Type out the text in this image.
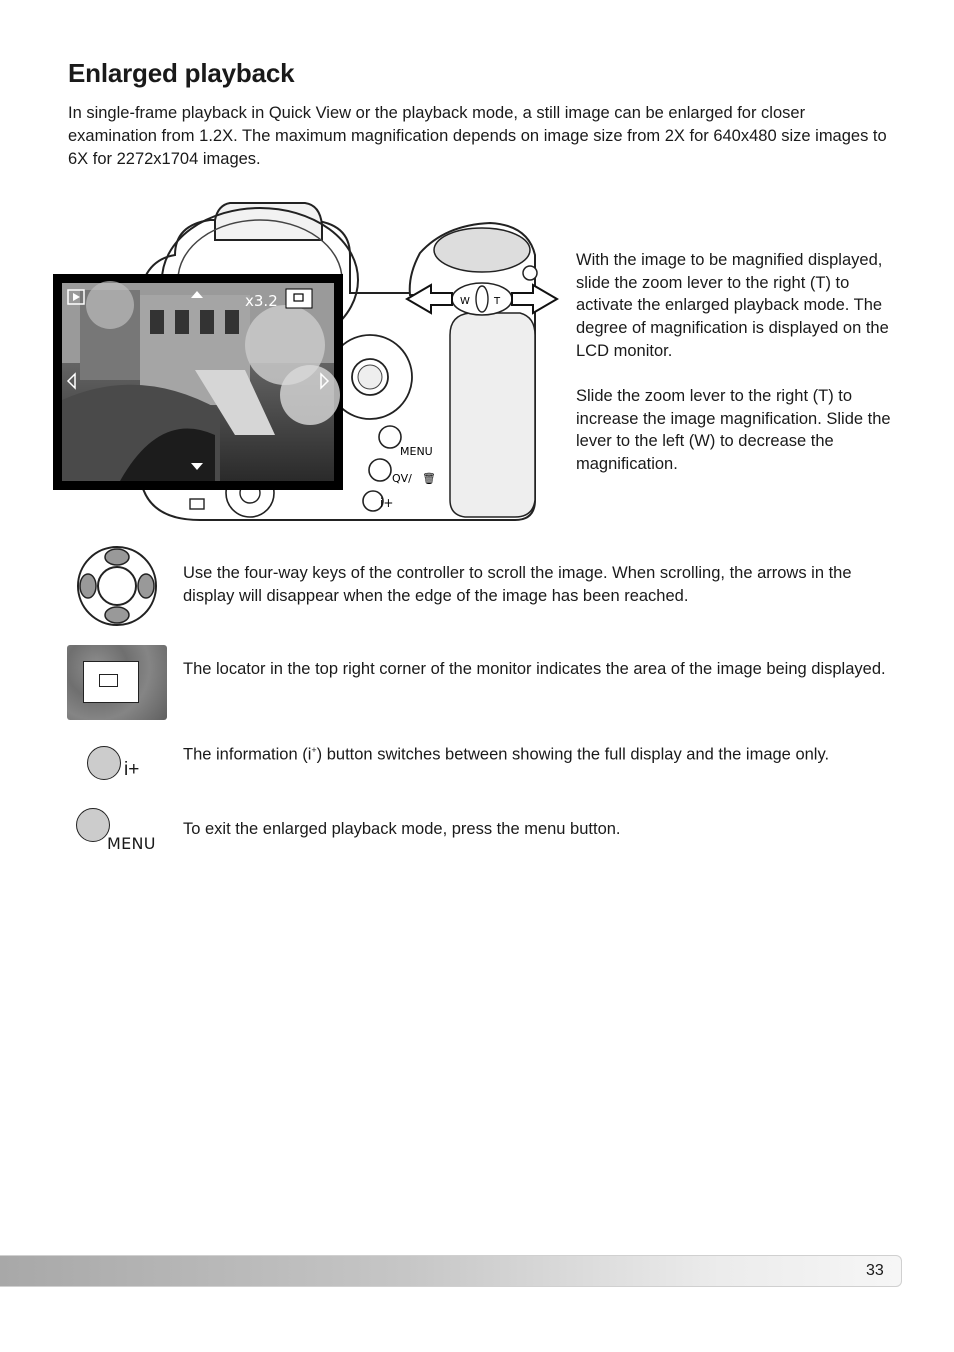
Enlarged playback

In single-frame playback in Quick View or the playback mode, a still image can be enlarged for closer examination from 1.2X. The maximum magnification depends on image size from 2X for 640x480 size images to 6X for 2272x1704 images.

MENU
QV/ 🗑
i+
W T
x3.2

With the image to be magnified displayed, slide the zoom lever to the right (T) to activate the enlarged playback mode. The degree of magnification is displayed on the LCD monitor.

Slide the zoom lever to the right (T) to increase the image magnification. Slide the lever to the left (W) to decrease the magnification.

Use the four-way keys of the controller to scroll the image. When scrolling, the arrows in the display will disappear when the edge of the image has been reached.

The locator in the top right corner of the monitor indicates the area of the image being displayed.

i+

The information (i+) button switches between showing the full display and the image only.

MENU

To exit the enlarged playback mode, press the menu button.

33
